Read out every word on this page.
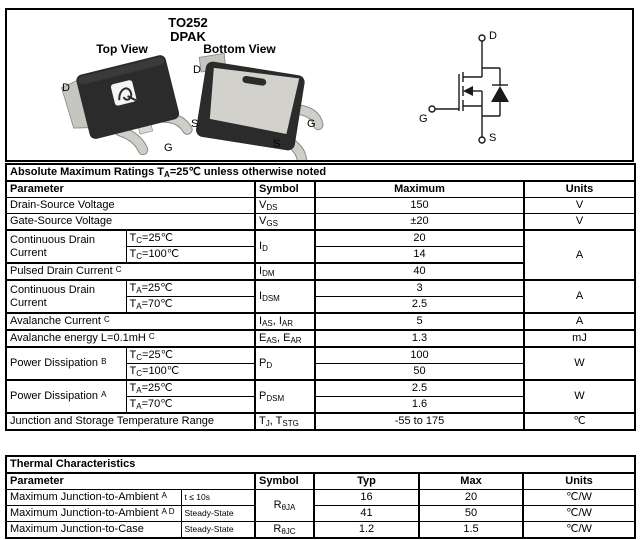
TO252
DPAK
Top View	Bottom View
D
S
G
D
G
S
D
G
S
Absolute Maximum Ratings $T_A=25℃$ unless otherwise noted				
Parameter		Symbol	Maximum	Units
Drain-Source Voltage		$V_{DS}$	150	V
Gate-Source Voltage		$V_{GS}$	±20	V
Continuous Drain Current	$T_C=25℃$	$I_D$	20	A
	$T_C=100℃$		14	
Pulsed Drain Current $^C$		$I_{DM}$	40	
Continuous Drain Current	$T_A=25℃$	$I_{DSM}$	3	A
	$T_A=70℃$		2.5	
Avalanche Current $^C$		$I_{AS}$, $I_{AR}$	5	A
Avalanche energy L=0.1mH $^C$		$E_{AS}$, $E_{AR}$	1.3	mJ
Power Dissipation $^B$	$T_C=25℃$	$P_D$	100	W
	$T_C=100℃$		50	
Power Dissipation $^A$	$T_A=25℃$	$P_{DSM}$	2.5	W
	$T_A=70℃$		1.6	
Junction and Storage Temperature Range		$T_J$, $T_{STG}$	-55 to 175	℃
Thermal Characteristics					
Parameter		Symbol	Typ	Max	Units
Maximum Junction-to-Ambient $^A$	t ≤ 10s	$R_{\theta JA}$	16	20	℃/W
Maximum Junction-to-Ambient $^{A D}$	Steady-State		41	50	℃/W
Maximum Junction-to-Case	Steady-State	$R_{\theta JC}$	1.2	1.5	℃/W
